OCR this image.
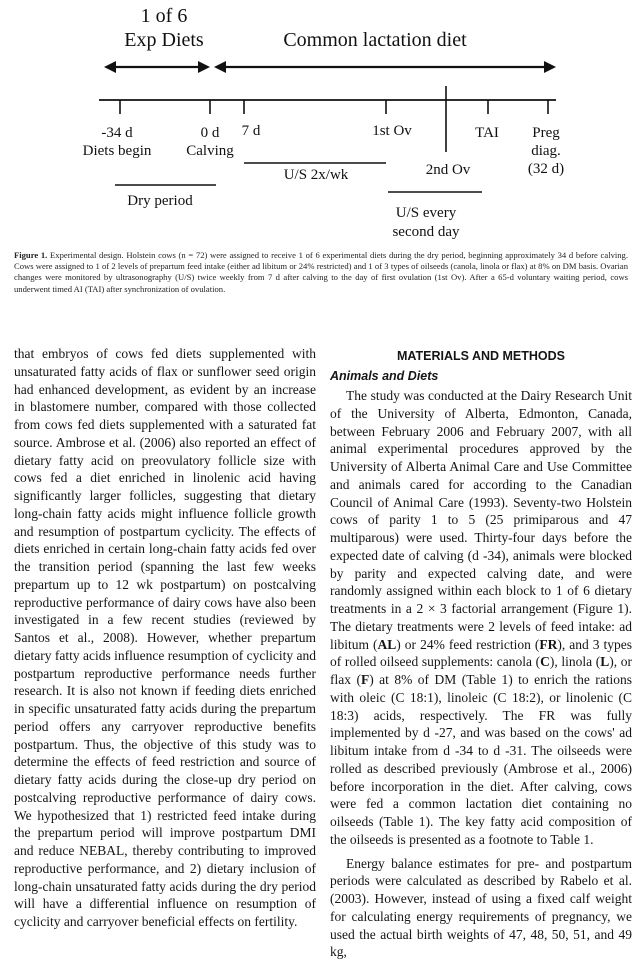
1 of 6
Exp Diets	Common lactation diet
-34 d
Diets begin
0 d
Calving
7 d	1st Ov
2nd Ov
TAI Preg
diag.
(32 d)
U/S 2x/wk
Dry period
U/S every
second day
Figure 1. Experimental design. Holstein cows (n = 72) were assigned to receive 1 of 6 experimental diets during the dry period, beginning approximately 34 d before calving. Cows were assigned to 1 of 2 levels of prepartum feed intake (either ad libitum or 24% restricted) and 1 of 3 types of oilseeds (canola, linola or flax) at 8% on DM basis. Ovarian changes were monitored by ultrasonography (U/S) twice weekly from 7 d after calving to the day of first ovulation (1st Ov). After a 65-d voluntary waiting period, cows underwent timed AI (TAI) after synchronization of ovulation.

that embryos of cows fed diets supplemented with unsaturated fatty acids of flax or sunflower seed origin had enhanced development, as evident by an increase in blastomere number, compared with those collected from cows fed diets supplemented with a saturated fat source. Ambrose et al. (2006) also reported an effect of dietary fatty acid on preovulatory follicle size with cows fed a diet enriched in linolenic acid having significantly larger follicles, suggesting that dietary long-chain fatty acids might influence follicle growth and resumption of postpartum cyclicity. The effects of diets enriched in certain long-chain fatty acids fed over the transition period (spanning the last few weeks prepartum up to 12 wk postpartum) on postcalving reproductive performance of dairy cows have also been investigated in a few recent studies (reviewed by Santos et al., 2008). However, whether prepartum dietary fatty acids influence resumption of cyclicity and postpartum reproductive performance needs further research. It is also not known if feeding diets enriched in specific unsaturated fatty acids during the prepartum period offers any carryover reproductive benefits postpartum. Thus, the objective of this study was to determine the effects of feed restriction and source of dietary fatty acids during the close-up dry period on postcalving reproductive performance of dairy cows. We hypothesized that 1) restricted feed intake during the prepartum period will improve postpartum DMI and reduce NEBAL, thereby contributing to improved reproductive performance, and 2) dietary inclusion of long-chain unsaturated fatty acids during the dry period will have a differential influence on resumption of cyclicity and carryover beneficial effects on fertility.

MATERIALS AND METHODS
Animals and Diets

The study was conducted at the Dairy Research Unit of the University of Alberta, Edmonton, Canada, between February 2006 and February 2007, with all animal experimental procedures approved by the University of Alberta Animal Care and Use Committee and animals cared for according to the Canadian Council of Animal Care (1993). Seventy-two Holstein cows of parity 1 to 5 (25 primiparous and 47 multiparous) were used. Thirty-four days before the expected date of calving (d -34), animals were blocked by parity and expected calving date, and were randomly assigned within each block to 1 of 6 dietary treatments in a 2 × 3 factorial arrangement (Figure 1). The dietary treatments were 2 levels of feed intake: ad libitum (AL) or 24% feed restriction (FR), and 3 types of rolled oilseed supplements: canola (C), linola (L), or flax (F) at 8% of DM (Table 1) to enrich the rations with oleic (C 18:1), linoleic (C 18:2), or linolenic (C 18:3) acids, respectively. The FR was fully implemented by d -27, and was based on the cows' ad libitum intake from d -34 to d -31. The oilseeds were rolled as described previously (Ambrose et al., 2006) before incorporation in the diet. After calving, cows were fed a common lactation diet containing no oilseeds (Table 1). The key fatty acid composition of the oilseeds is presented as a footnote to Table 1.

Energy balance estimates for pre- and postpartum periods were calculated as described by Rabelo et al. (2003). However, instead of using a fixed calf weight for calculating energy requirements of pregnancy, we used the actual birth weights of 47, 48, 50, 51, and 49 kg,
